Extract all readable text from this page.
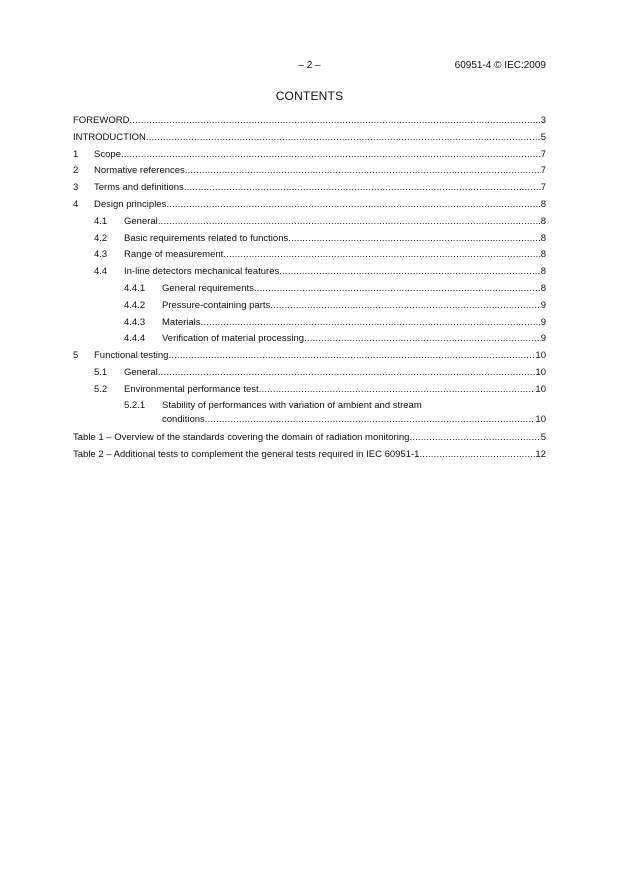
– 2 –	60951-4 © IEC:2009
CONTENTS
FOREWORD .....	3
INTRODUCTION .....	5
1	Scope .....	7
2	Normative references .....	7
3	Terms and definitions .....	7
4	Design principles .....	8
4.1	General .....	8
4.2	Basic requirements related to functions .....	8
4.3	Range of measurement .....	8
4.4	In-line detectors mechanical features .....	8
4.4.1	General requirements .....	8
4.4.2	Pressure-containing parts .....	9
4.4.3	Materials .....	9
4.4.4	Verification of material processing .....	9
5	Functional testing .....	10
5.1	General .....	10
5.2	Environmental performance test .....	10
5.2.1	Stability of performances with variation of ambient and stream
conditions .....	10
Table 1 – Overview of the standards covering the domain of radiation monitoring .....	5
Table 2 – Additional tests to complement the general tests required in IEC 60951-1 .....	12
